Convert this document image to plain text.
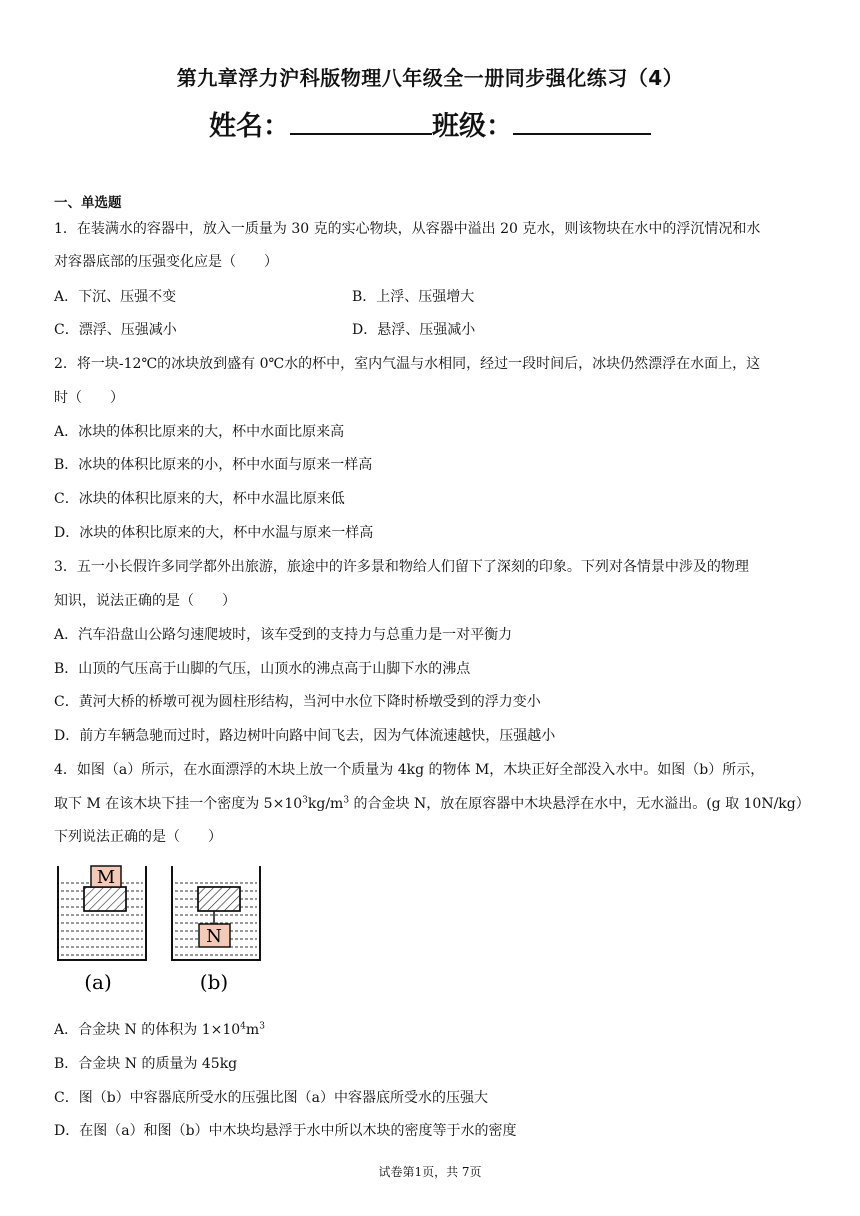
第九章浮力沪科版物理八年级全一册同步强化练习（4）
姓名：	班级：
一、单选题
1．在装满水的容器中，放入一质量为 30 克的实心物块，从容器中溢出 20 克水，则该物块在水中的浮沉情况和水
对容器底部的压强变化应是（　　）
A．下沉、压强不变	B．上浮、压强增大
C．漂浮、压强减小	D．悬浮、压强减小
2．将一块-12℃的冰块放到盛有 0℃水的杯中，室内气温与水相同，经过一段时间后，冰块仍然漂浮在水面上，这
时（　　）
A．冰块的体积比原来的大，杯中水面比原来高
B．冰块的体积比原来的小，杯中水面与原来一样高
C．冰块的体积比原来的大，杯中水温比原来低
D．冰块的体积比原来的大，杯中水温与原来一样高
3．五一小长假许多同学都外出旅游，旅途中的许多景和物给人们留下了深刻的印象。下列对各情景中涉及的物理
知识，说法正确的是（　　）
A．汽车沿盘山公路匀速爬坡时，该车受到的支持力与总重力是一对平衡力
B．山顶的气压高于山脚的气压，山顶水的沸点高于山脚下水的沸点
C．黄河大桥的桥墩可视为圆柱形结构，当河中水位下降时桥墩受到的浮力变小
D．前方车辆急驰而过时，路边树叶向路中间飞去，因为气体流速越快，压强越小
4．如图（a）所示，在水面漂浮的木块上放一个质量为 4kg 的物体 M，木块正好全部没入水中。如图（b）所示，
取下 M 在该木块下挂一个密度为 $5\times 10^3kg/m^3$ 的合金块 N，放在原容器中木块悬浮在水中，无水溢出。(g 取 10N/kg）
下列说法正确的是（　　）
M
N
(a)	(b)
A．合金块 N 的体积为 $1\times 10^4m^3$
B．合金块 N 的质量为 45kg
C．图（b）中容器底所受水的压强比图（a）中容器底所受水的压强大
D．在图（a）和图（b）中木块均悬浮于水中所以木块的密度等于水的密度
试卷第1页，共 7页
